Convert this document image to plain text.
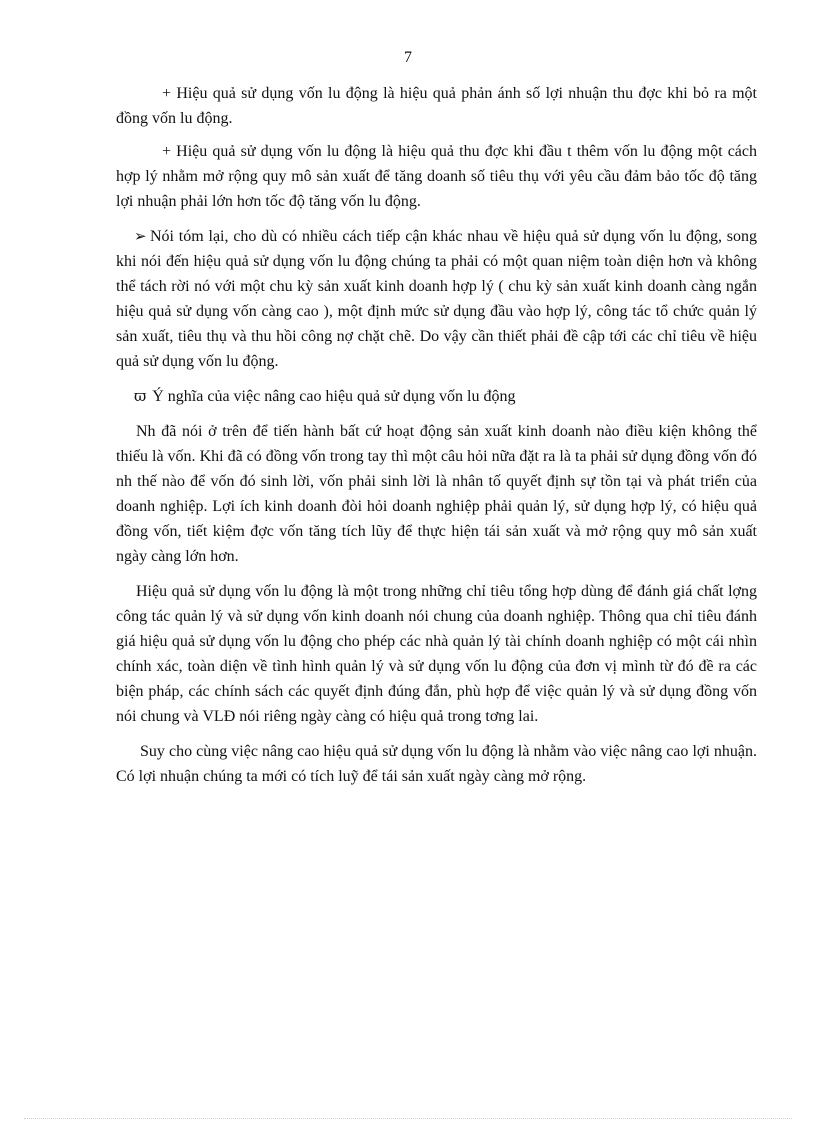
7

+ Hiệu quả sử dụng vốn lu động là hiệu quả phản ánh số lợi nhuận thu đợc khi bỏ ra một đồng vốn lu động.

+ Hiệu quả sử dụng vốn lu động là hiệu quả thu đợc khi đầu t thêm vốn lu động một cách hợp lý nhằm mở rộng quy mô sản xuất để tăng doanh số tiêu thụ với yêu cầu đảm bảo tốc độ tăng lợi nhuận phải lớn hơn tốc độ tăng vốn lu động.

➢ Nói tóm lại, cho dù có nhiều cách tiếp cận khác nhau về hiệu quả sử dụng vốn lu động, song khi nói đến hiệu quả sử dụng vốn lu động chúng ta phải có một quan niệm toàn diện hơn và không thể tách rời nó với một chu kỳ sản xuất kinh doanh hợp lý ( chu kỳ sản xuất kinh doanh càng ngắn hiệu quả sử dụng vốn càng cao ), một định mức sử dụng đầu vào hợp lý, công tác tổ chức quản lý sản xuất, tiêu thụ và thu hồi công nợ chặt chẽ. Do vậy cần thiết phải đề cập tới các chỉ tiêu về hiệu quả sử dụng vốn lu động.

ϖ Ý nghĩa của việc nâng cao hiệu quả sử dụng vốn lu động

Nh đã nói ở trên để tiến hành bất cứ hoạt động sản xuất kinh doanh nào điều kiện không thể thiếu là vốn. Khi đã có đồng vốn trong tay thì một câu hỏi nữa đặt ra là ta phải sử dụng đồng vốn đó nh thế nào để vốn đó sinh lời, vốn phải sinh lời là nhân tố quyết định sự tồn tại và phát triển của doanh nghiệp. Lợi ích kinh doanh đòi hỏi doanh nghiệp phải quản lý, sử dụng hợp lý, có hiệu quả đồng vốn, tiết kiệm đợc vốn tăng tích lũy để thực hiện tái sản xuất và mở rộng quy mô sản xuất ngày càng lớn hơn.

Hiệu quả sử dụng vốn lu động là một trong những chỉ tiêu tổng hợp dùng để đánh giá chất lợng công tác quản lý và sử dụng vốn kinh doanh nói chung của doanh nghiệp. Thông qua chỉ tiêu đánh giá hiệu quả sử dụng vốn lu động cho phép các nhà quản lý tài chính doanh nghiệp có một cái nhìn chính xác, toàn diện về tình hình quản lý và sử dụng vốn lu động của đơn vị mình từ đó đề ra các biện pháp, các chính sách các quyết định đúng đắn, phù hợp để việc quản lý và sử dụng đồng vốn nói chung và VLĐ nói riêng ngày càng có hiệu quả trong tơng lai.

Suy cho cùng việc nâng cao hiệu quả sử dụng vốn lu động là nhằm vào việc nâng cao lợi nhuận. Có lợi nhuận chúng ta mới có tích luỹ để tái sản xuất ngày càng mở rộng.
